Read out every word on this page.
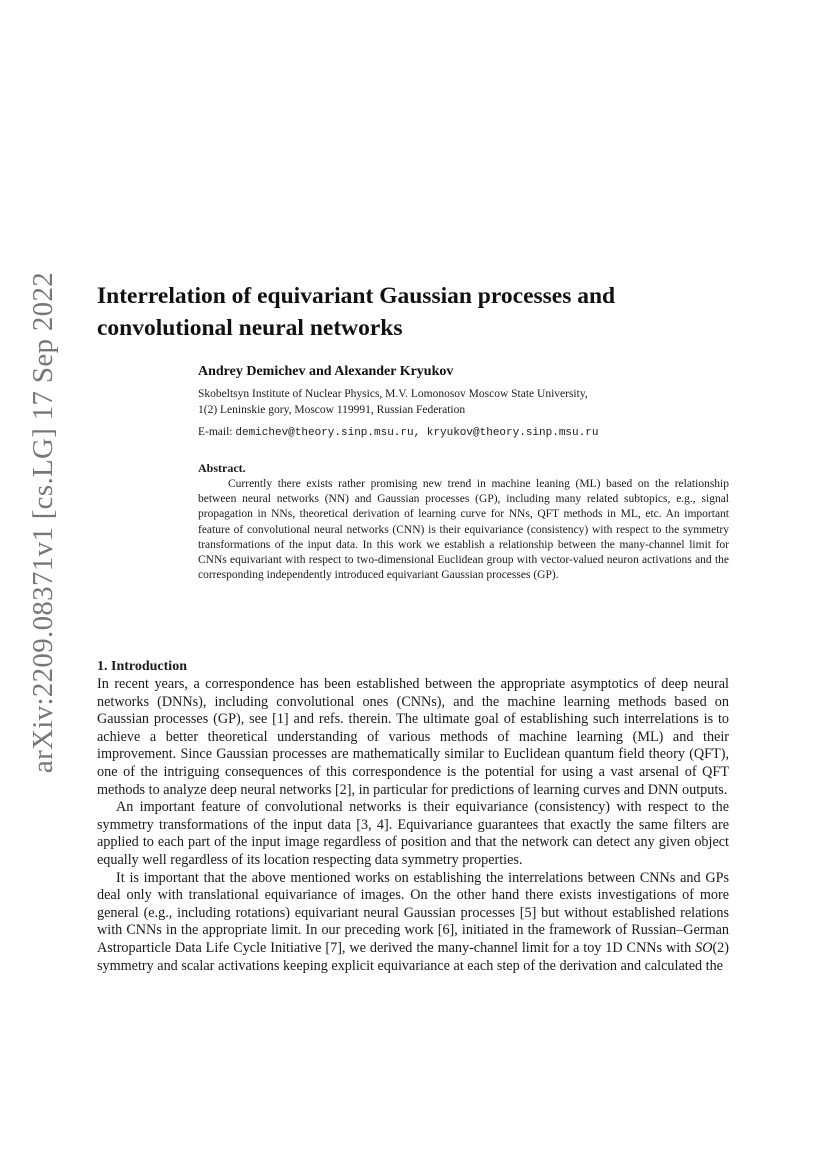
arXiv:2209.08371v1 [cs.LG] 17 Sep 2022 Interrelation of equivariant Gaussian processes and convolutional neural networks

Andrey Demichev and Alexander Kryukov

Skobeltsyn Institute of Nuclear Physics, M.V. Lomonosov Moscow State University,
1(2) Leninskie gory, Moscow 119991, Russian Federation

E-mail: demichev@theory.sinp.msu.ru, kryukov@theory.sinp.msu.ru

Abstract.

Currently there exists rather promising new trend in machine leaning (ML) based on the relationship between neural networks (NN) and Gaussian processes (GP), including many related subtopics, e.g., signal propagation in NNs, theoretical derivation of learning curve for NNs, QFT methods in ML, etc. An important feature of convolutional neural networks (CNN) is their equivariance (consistency) with respect to the symmetry transformations of the input data. In this work we establish a relationship between the many-channel limit for CNNs equivariant with respect to two-dimensional Euclidean group with vector-valued neuron activations and the corresponding independently introduced equivariant Gaussian processes (GP).

1. Introduction

In recent years, a correspondence has been established between the appropriate asymptotics of deep neural networks (DNNs), including convolutional ones (CNNs), and the machine learning methods based on Gaussian processes (GP), see [1] and refs. therein. The ultimate goal of establishing such interrelations is to achieve a better theoretical understanding of various methods of machine learning (ML) and their improvement. Since Gaussian processes are mathematically similar to Euclidean quantum field theory (QFT), one of the intriguing consequences of this correspondence is the potential for using a vast arsenal of QFT methods to analyze deep neural networks [2], in particular for predictions of learning curves and DNN outputs.

An important feature of convolutional networks is their equivariance (consistency) with respect to the symmetry transformations of the input data [3, 4]. Equivariance guarantees that exactly the same filters are applied to each part of the input image regardless of position and that the network can detect any given object equally well regardless of its location respecting data symmetry properties.

It is important that the above mentioned works on establishing the interrelations between CNNs and GPs deal only with translational equivariance of images. On the other hand there exists investigations of more general (e.g., including rotations) equivariant neural Gaussian processes [5] but without established relations with CNNs in the appropriate limit. In our preceding work [6], initiated in the framework of Russian–German Astroparticle Data Life Cycle Initiative [7], we derived the many-channel limit for a toy 1D CNNs with SO(2) symmetry and scalar activations keeping explicit equivariance at each step of the derivation and calculated the
